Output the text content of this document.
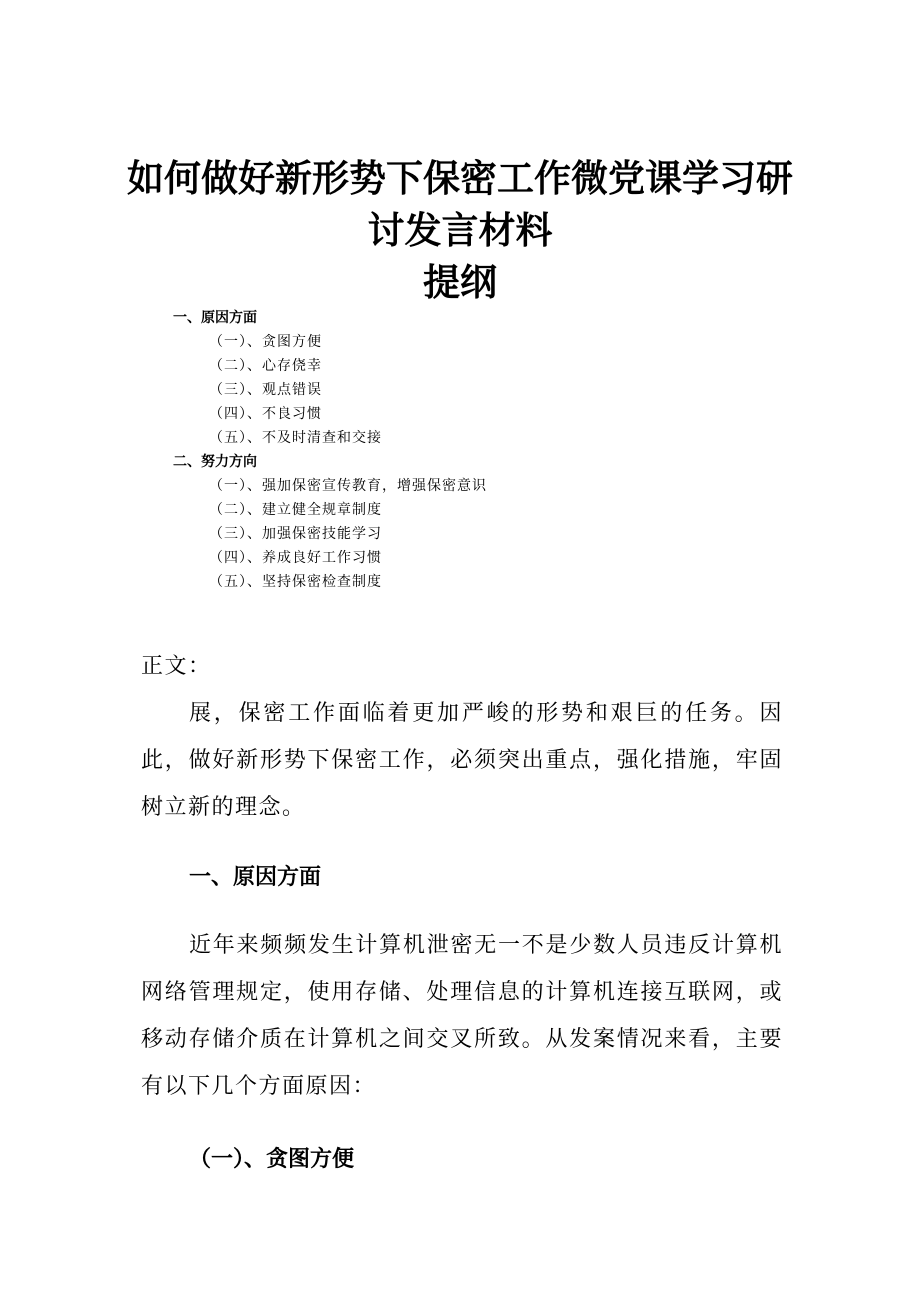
如何做好新形势下保密工作微党课学习研
讨发言材料
提纲

一、原因方面

（一）、贪图方便

（二）、心存侥幸

（三）、观点错误

（四）、不良习惯

（五）、不及时清查和交接

二、努力方向

（一）、强加保密宣传教育，增强保密意识

（二）、建立健全规章制度

（三）、加强保密技能学习

（四）、养成良好工作习惯

（五）、坚持保密检查制度

正文：

展，保密工作面临着更加严峻的形势和艰巨的任务。因此，做好新形势下保密工作，必须突出重点，强化措施，牢固树立新的理念。

一、原因方面

近年来频频发生计算机泄密无一不是少数人员违反计算机网络管理规定，使用存储、处理信息的计算机连接互联网，或移动存储介质在计算机之间交叉所致。从发案情况来看，主要有以下几个方面原因：

（一）、贪图方便
